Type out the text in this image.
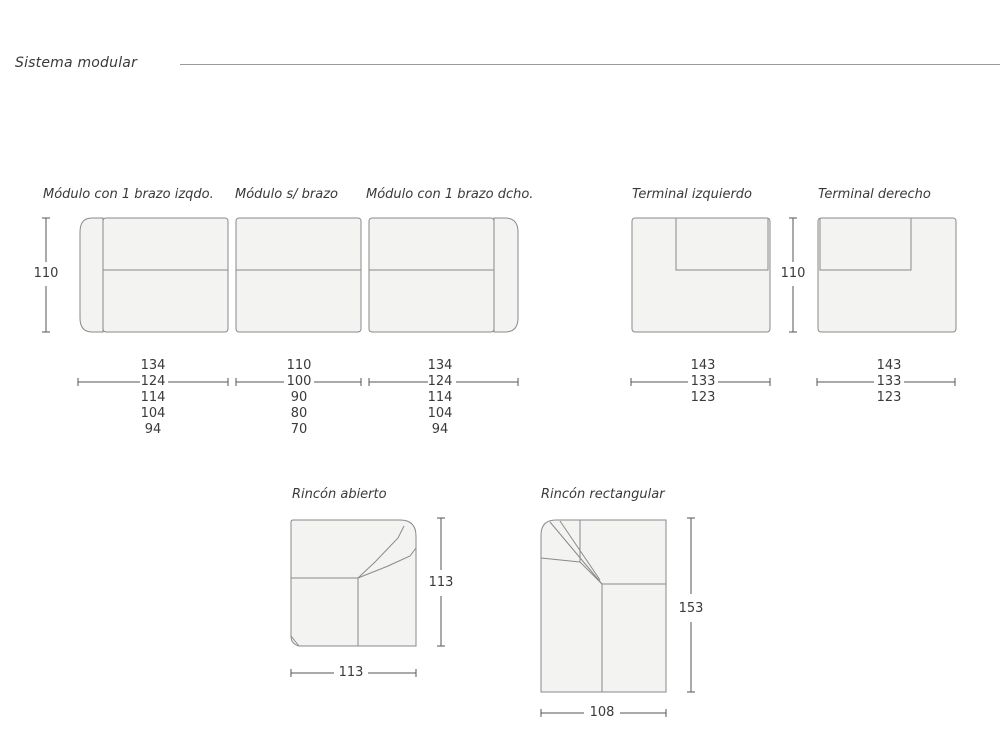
Sistema modular
Módulo con 1 brazo izqdo. Módulo s/ brazo Módulo con 1 brazo dcho.	Terminal izquierdo	Terminal derecho
Rincón abierto	Rincón rectangular
110	110
113
153
134
124
114
104
94
110
100
90
80
70
134
124
114
104
94
143
133
123
143
133
123
113
108
